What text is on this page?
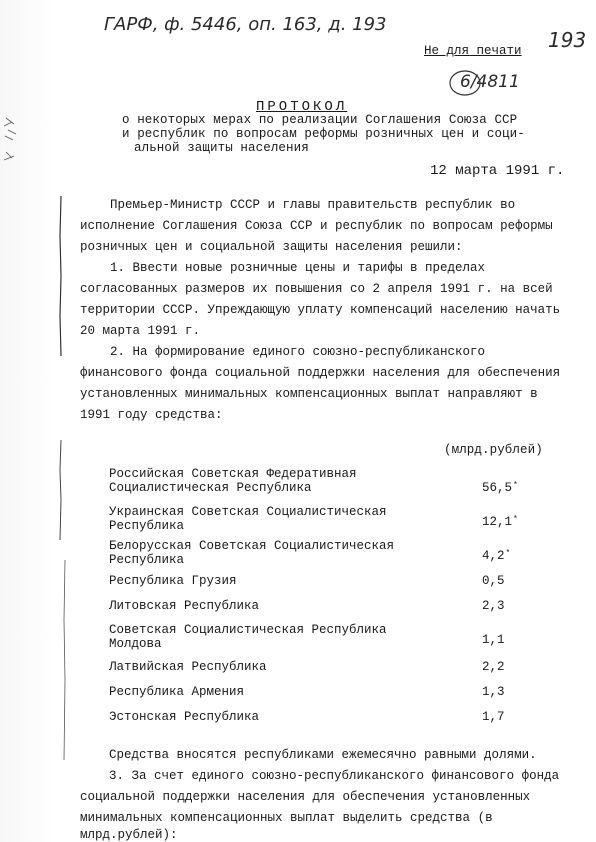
ГАРФ, ф. 5446, оп. 163, д. 193
193
Не для печати
6/4811
ПРОТОКОЛ
о некоторых мерах по реализации Соглашения Союза ССР
и республик по вопросам реформы розничных цен и соци-
альной защиты населения
12 марта 1991 г.
Премьер-Министр СССР и главы правительств республик во
исполнение Соглашения Союза ССР и республик по вопросам реформы
розничных цен и социальной защиты населения решили:
1. Ввести новые розничные цены и тарифы в пределах
согласованных размеров их повышения со 2 апреля 1991 г. на всей
территории СССР. Упреждающую уплату компенсаций населению начать
20 марта 1991 г.
2. На формирование единого союзно-республиканского
финансового фонда социальной поддержки населения для обеспечения
установленных минимальных компенсационных выплат направляют в
1991 году средства:
(млрд.рублей)
Российская Советская Федеративная
Социалистическая Республика	56,5*
Украинская Советская Социалистическая
Республика	12,1*
Белорусская Советская Социалистическая
Республика	4,2*
Республика Грузия	0,5
Литовская Республика	2,3
Советская Социалистическая Республика
Молдова	1,1
Латвийская Республика	2,2
Республика Армения	1,3
Эстонская Республика	1,7
Средства вносятся республиками ежемесячно равными долями.
3. За счет единого союзно-республиканского финансового фонда
социальной поддержки населения для обеспечения установленных
минимальных компенсационных выплат выделить средства (в
млрд.рублей):
